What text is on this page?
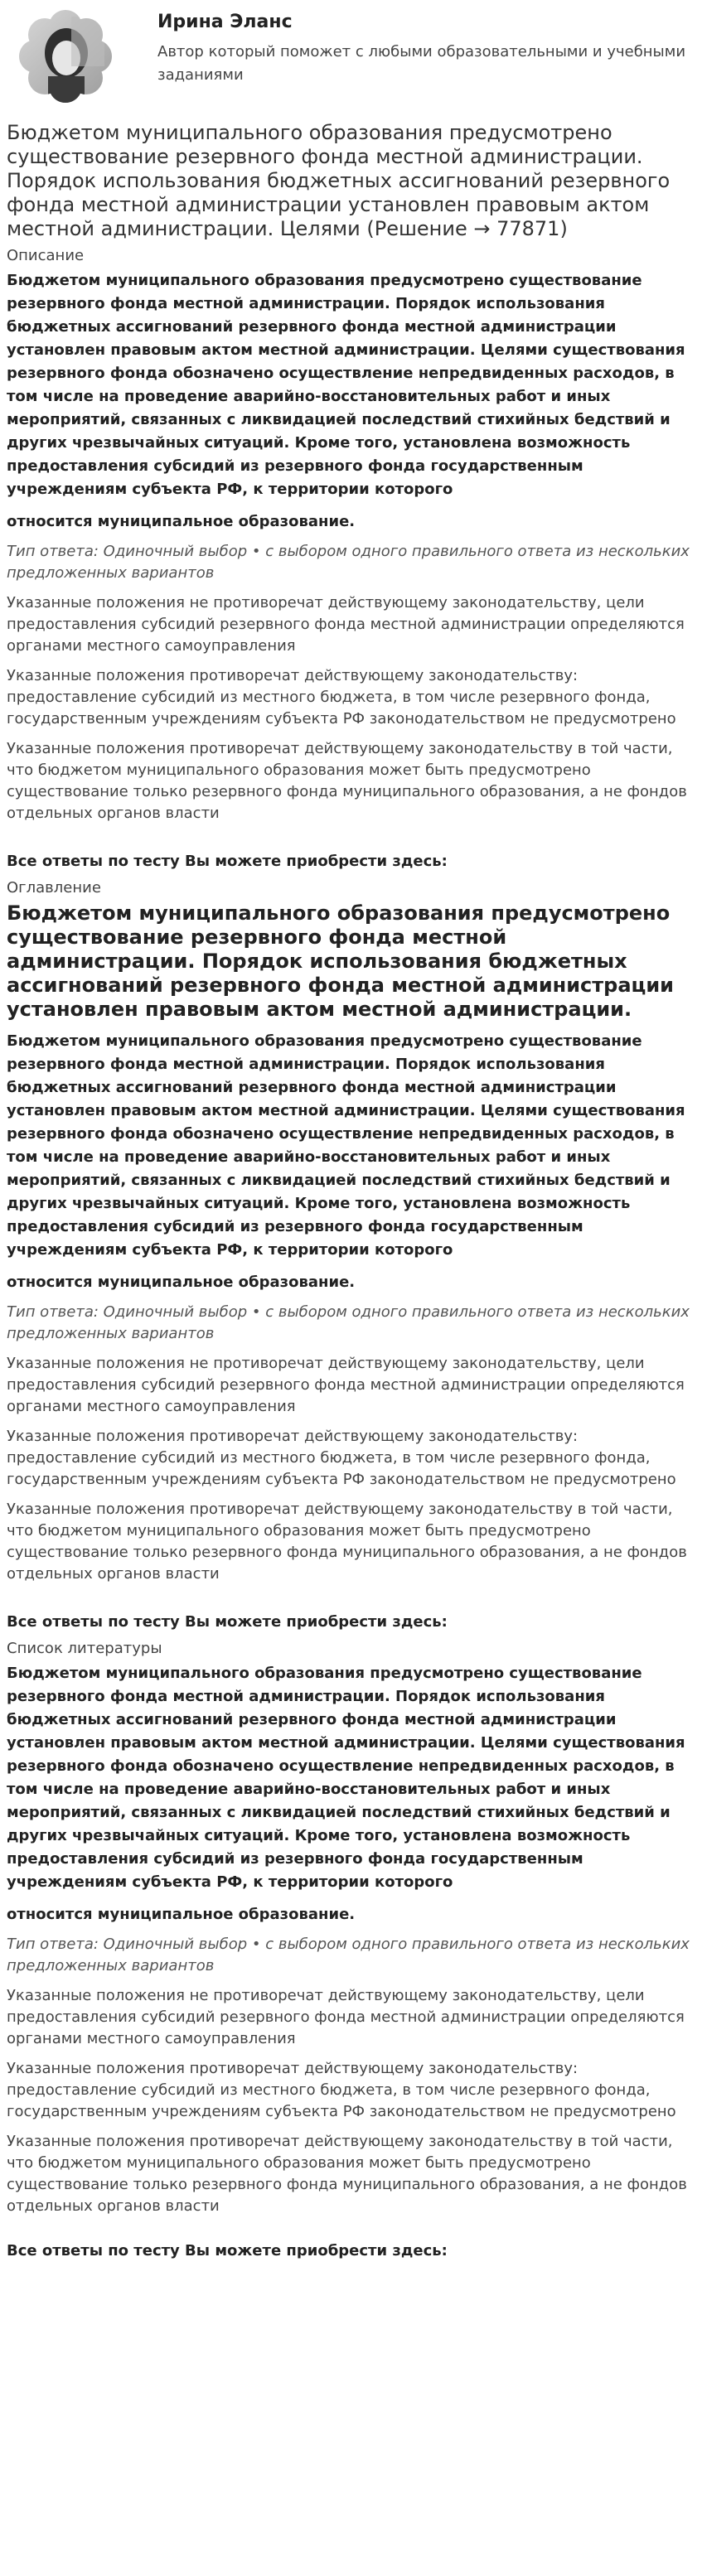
Ирина Эланс
Автор который поможет с любыми образовательными и учебными заданиями
Бюджетом муниципального образования предусмотрено существование резервного фонда местной администрации. Порядок использования бюджетных ассигнований резервного фонда местной администрации установлен правовым актом местной администрации. Целями (Решение → 77871)
Описание
Бюджетом муниципального образования предусмотрено существование резервного фонда местной администрации. Порядок использования бюджетных ассигнований резервного фонда местной администрации установлен правовым актом местной администрации. Целями существования резервного фонда обозначено осуществление непредвиденных расходов, в том числе на проведение аварийно-восстановительных работ и иных мероприятий, связанных с ликвидацией последствий стихийных бедствий и других чрезвычайных ситуаций. Кроме того, установлена возможность предоставления субсидий из резервного фонда государственным учреждениям субъекта РФ, к территории которого
относится муниципальное образование.
Тип ответа: Одиночный выбор • с выбором одного правильного ответа из нескольких предложенных вариантов
Указанные положения не противоречат действующему законодательству, цели предоставления субсидий резервного фонда местной администрации определяются органами местного самоуправления
Указанные положения противоречат действующему законодательству: предоставление субсидий из местного бюджета, в том числе резервного фонда, государственным учреждениям субъекта РФ законодательством не предусмотрено
Указанные положения противоречат действующему законодательству в той части, что бюджетом муниципального образования может быть предусмотрено существование только резервного фонда муниципального образования, а не фондов отдельных органов власти
Все ответы по тесту Вы можете приобрести здесь:
Оглавление
Бюджетом муниципального образования предусмотрено существование резервного фонда местной администрации. Порядок использования бюджетных ассигнований резервного фонда местной администрации установлен правовым актом местной администрации.
Бюджетом муниципального образования предусмотрено существование резервного фонда местной администрации. Порядок использования бюджетных ассигнований резервного фонда местной администрации установлен правовым актом местной администрации. Целями существования резервного фонда обозначено осуществление непредвиденных расходов, в том числе на проведение аварийно-восстановительных работ и иных мероприятий, связанных с ликвидацией последствий стихийных бедствий и других чрезвычайных ситуаций. Кроме того, установлена возможность предоставления субсидий из резервного фонда государственным учреждениям субъекта РФ, к территории которого
относится муниципальное образование.
Тип ответа: Одиночный выбор • с выбором одного правильного ответа из нескольких предложенных вариантов
Указанные положения не противоречат действующему законодательству, цели предоставления субсидий резервного фонда местной администрации определяются органами местного самоуправления
Указанные положения противоречат действующему законодательству: предоставление субсидий из местного бюджета, в том числе резервного фонда, государственным учреждениям субъекта РФ законодательством не предусмотрено
Указанные положения противоречат действующему законодательству в той части, что бюджетом муниципального образования может быть предусмотрено существование только резервного фонда муниципального образования, а не фондов отдельных органов власти
Все ответы по тесту Вы можете приобрести здесь:
Список литературы
Бюджетом муниципального образования предусмотрено существование резервного фонда местной администрации. Порядок использования бюджетных ассигнований резервного фонда местной администрации установлен правовым актом местной администрации. Целями существования резервного фонда обозначено осуществление непредвиденных расходов, в том числе на проведение аварийно-восстановительных работ и иных мероприятий, связанных с ликвидацией последствий стихийных бедствий и других чрезвычайных ситуаций. Кроме того, установлена возможность предоставления субсидий из резервного фонда государственным учреждениям субъекта РФ, к территории которого
относится муниципальное образование.
Тип ответа: Одиночный выбор • с выбором одного правильного ответа из нескольких предложенных вариантов
Указанные положения не противоречат действующему законодательству, цели предоставления субсидий резервного фонда местной администрации определяются органами местного самоуправления
Указанные положения противоречат действующему законодательству: предоставление субсидий из местного бюджета, в том числе резервного фонда, государственным учреждениям субъекта РФ законодательством не предусмотрено
Указанные положения противоречат действующему законодательству в той части, что бюджетом муниципального образования может быть предусмотрено существование только резервного фонда муниципального образования, а не фондов отдельных органов власти
Все ответы по тесту Вы можете приобрести здесь:
